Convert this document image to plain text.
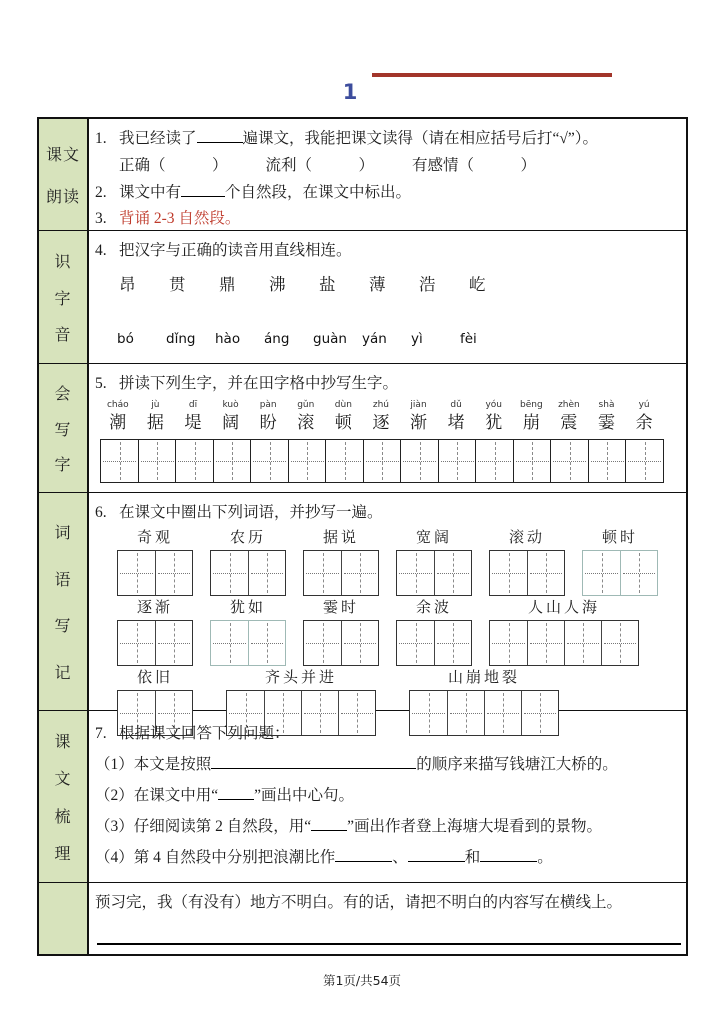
1
课文
朗读
1. 我已经读了	遍课文，我能把课文读得（请在相应括号后打“√”）。
正确（　　　） 流利（　　　） 有感情（　　　）
2. 课文中有	个自然段，在课文中标出。
3. 背诵 2-3 自然段。
识
字
音
4. 把汉字与正确的读音用直线相连。
昂	贯	鼎	沸	盐	薄	浩	屹
bó	dǐng	hào	áng	guàn	yán	yì	fèi
会
写
字
5. 拼读下列生字，并在田字格中抄写生字。
cháo
潮
jù
据
dī
堤
kuò
阔
pàn
盼
gǔn
滚
dùn
顿
zhú
逐
jiàn
渐
dǔ
堵
yóu
犹
bēng
崩
zhèn
震
shà
霎
yú
余
词
语
写
记
6. 在课文中圈出下列词语，并抄写一遍。
奇观	农历	据说	宽阔	滚动	顿时
逐渐	犹如	霎时	余波	人山人海
依旧	齐头并进	山崩地裂
课
文
梳
理
7. 根据课文回答下列问题：
（1）本文是按照	的顺序来描写钱塘江大桥的。
（2）在课文中用“ ”画出中心句。
（3）仔细阅读第 2 自然段，用“ ”画出作者登上海塘大堤看到的景物。
（4）第 4 自然段中分别把浪潮比作	、	和	。
预习完，我（有没有）地方不明白。有的话，请把不明白的内容写在横线上。
第1页/共54页
